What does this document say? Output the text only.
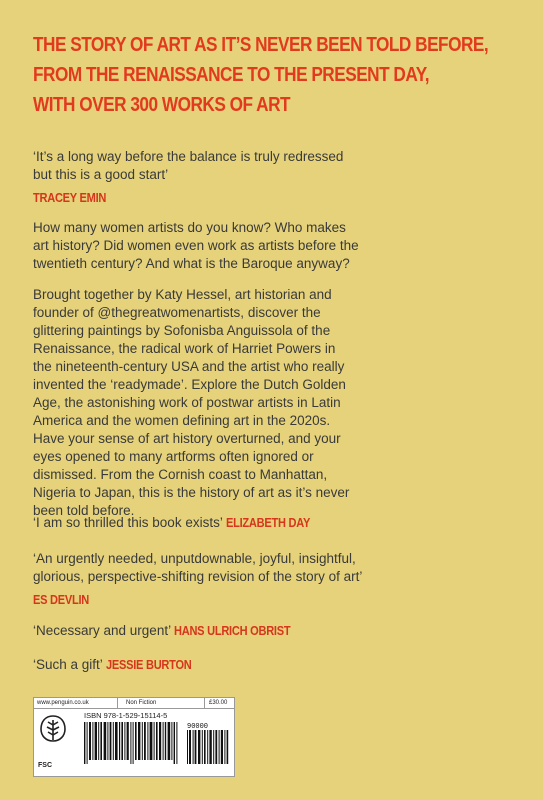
THE STORY OF ART AS IT’S NEVER BEEN TOLD BEFORE,
FROM THE RENAISSANCE TO THE PRESENT DAY,
WITH OVER 300 WORKS OF ART
‘It’s a long way before the balance is truly redressed
but this is a good start’
TRACEY EMIN
How many women artists do you know? Who makes
art history? Did women even work as artists before the
twentieth century? And what is the Baroque anyway?
Brought together by Katy Hessel, art historian and
founder of @thegreatwomenartists, discover the
glittering paintings by Sofonisba Anguissola of the
Renaissance, the radical work of Harriet Powers in
the nineteenth-century USA and the artist who really
invented the ‘readymade’. Explore the Dutch Golden
Age, the astonishing work of postwar artists in Latin
America and the women defining art in the 2020s.
Have your sense of art history overturned, and your
eyes opened to many artforms often ignored or
dismissed. From the Cornish coast to Manhattan,
Nigeria to Japan, this is the history of art as it’s never
been told before.
‘I am so thrilled this book exists’ ELIZABETH DAY
‘An urgently needed, unputdownable, joyful, insightful,
glorious, perspective-shifting revision of the story of art’
ES DEVLIN
‘Necessary and urgent’ HANS ULRICH OBRIST
‘Such a gift’ JESSIE BURTON
www.penguin.co.uk	Non Fiction	£30.00
FSC
ISBN 978-1-529-15114-5
90000
